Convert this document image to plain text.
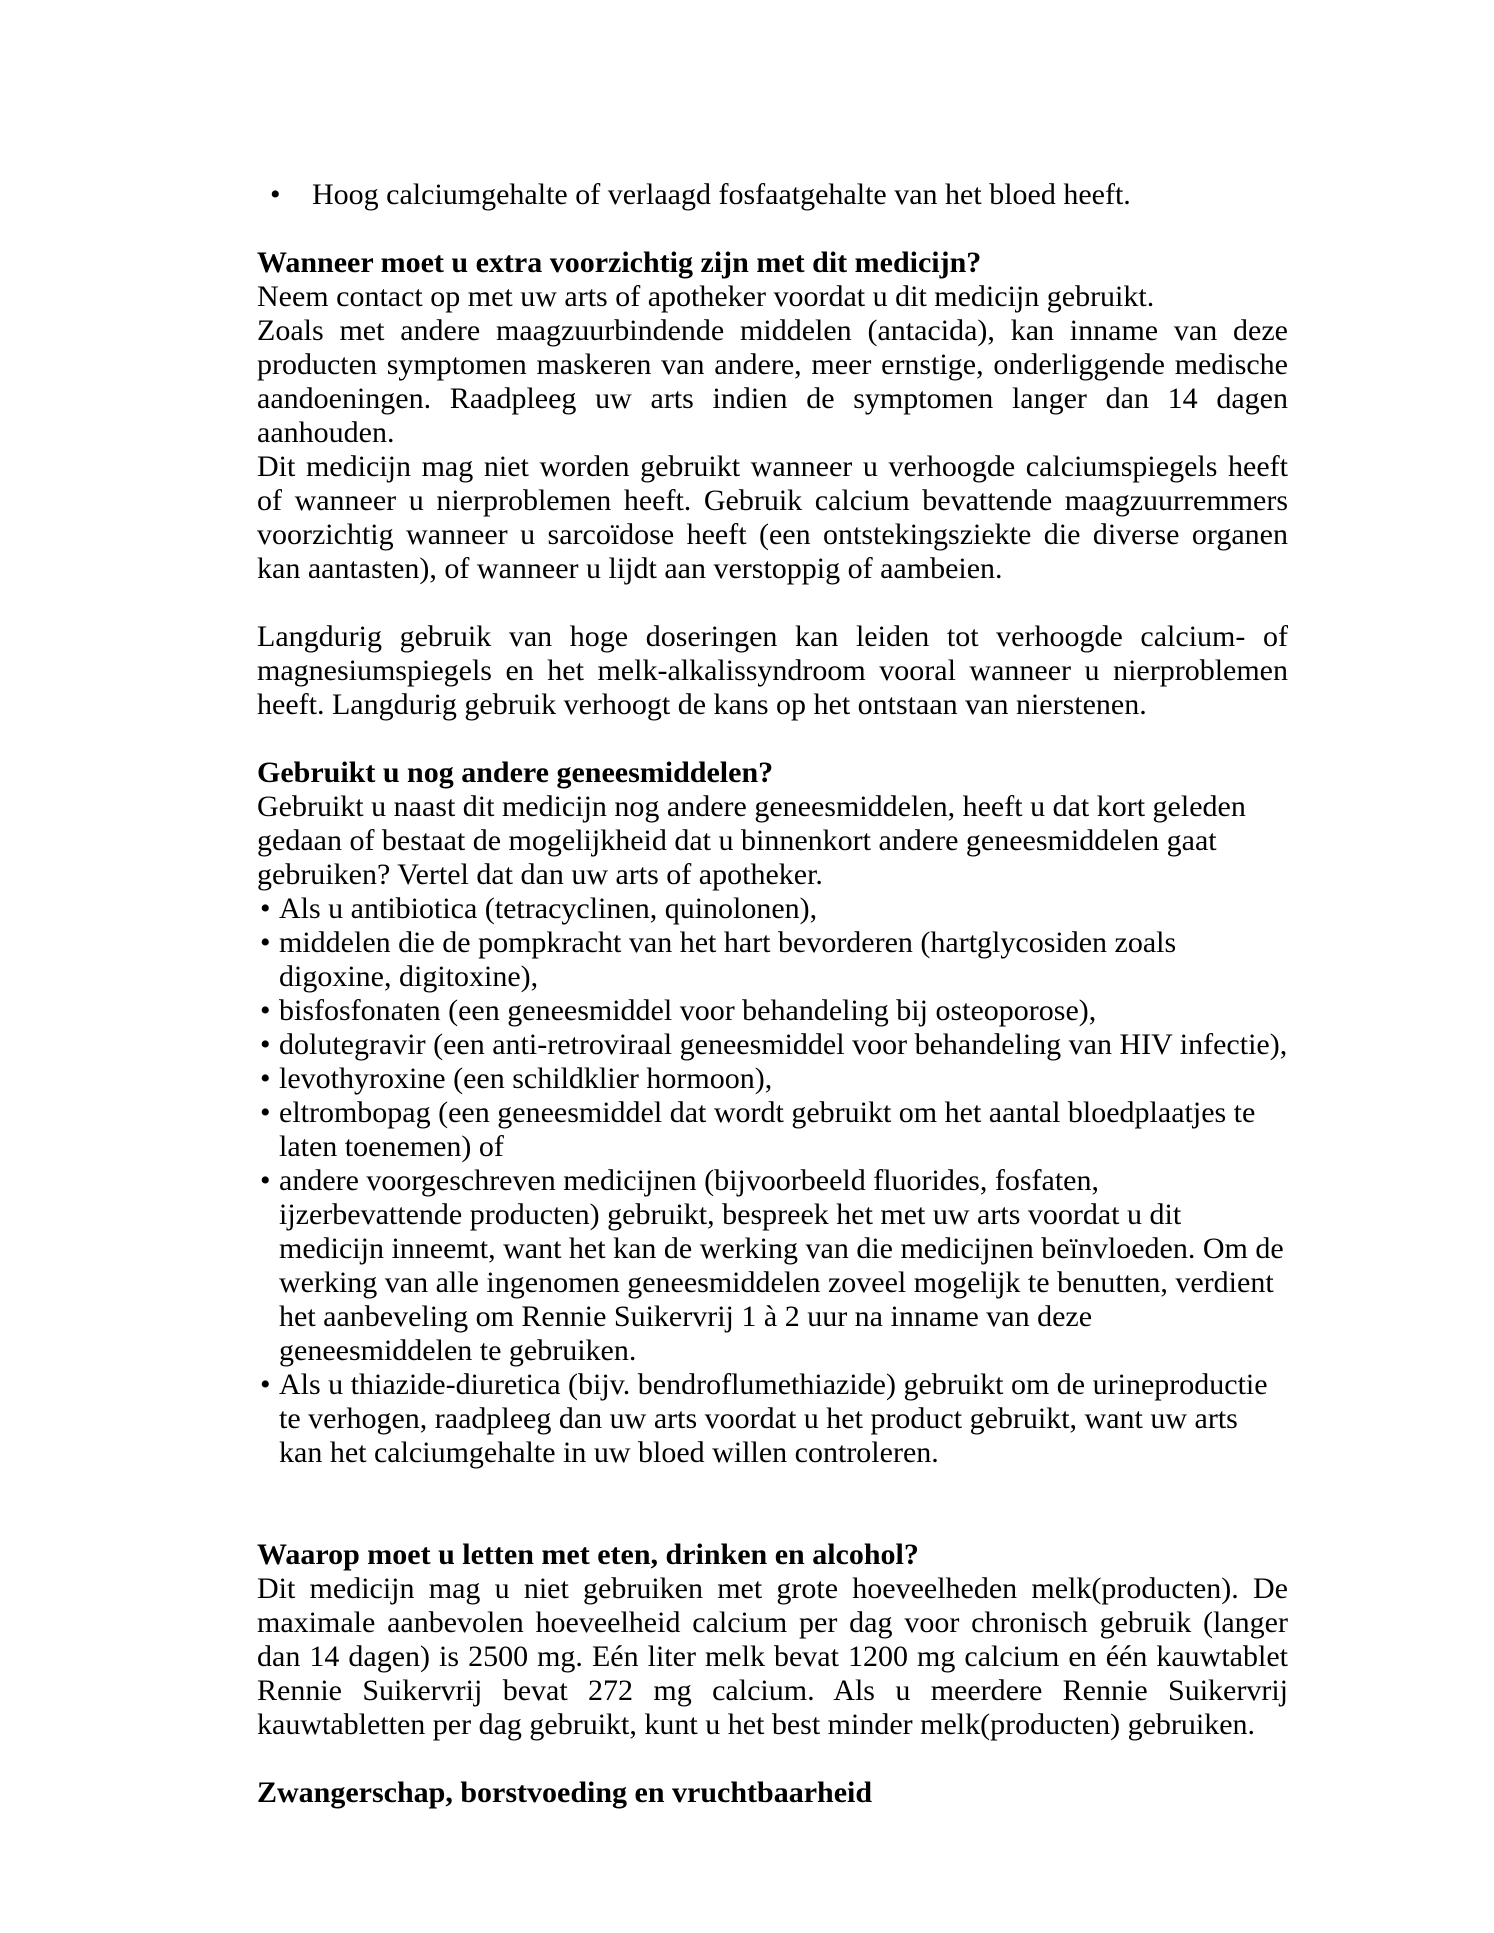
•	Hoog calciumgehalte of verlaagd fosfaatgehalte van het bloed heeft.
Wanneer moet u extra voorzichtig zijn met dit medicijn?

Neem contact op met uw arts of apotheker voordat u dit medicijn gebruikt.

Zoals met andere maagzuurbindende middelen (antacida), kan inname van deze producten symptomen maskeren van andere, meer ernstige, onderliggende medische aandoeningen. Raadpleeg uw arts indien de symptomen langer dan 14 dagen aanhouden.

Dit medicijn mag niet worden gebruikt wanneer u verhoogde calciumspiegels heeft of wanneer u nierproblemen heeft. Gebruik calcium bevattende maagzuurremmers voorzichtig wanneer u sarcoïdose heeft (een ontstekingsziekte die diverse organen kan aantasten), of wanneer u lijdt aan verstoppig of aambeien.

Langdurig gebruik van hoge doseringen kan leiden tot verhoogde calcium- of magnesiumspiegels en het melk-alkalissyndroom vooral wanneer u nierproblemen heeft. Langdurig gebruik verhoogt de kans op het ontstaan van nierstenen.

Gebruikt u nog andere geneesmiddelen?

Gebruikt u naast dit medicijn nog andere geneesmiddelen, heeft u dat kort geleden gedaan of bestaat de mogelijkheid dat u binnenkort andere geneesmiddelen gaat gebruiken? Vertel dat dan uw arts of apotheker.

• Als u antibiotica (tetracyclinen, quinolonen),
• middelen die de pompkracht van het hart bevorderen (hartglycosiden zoals digoxine, digitoxine),
• bisfosfonaten (een geneesmiddel voor behandeling bij osteoporose),
• dolutegravir (een anti-retroviraal geneesmiddel voor behandeling van HIV infectie),
• levothyroxine (een schildklier hormoon),
• eltrombopag (een geneesmiddel dat wordt gebruikt om het aantal bloedplaatjes te laten toenemen) of
• andere voorgeschreven medicijnen (bijvoorbeeld fluorides, fosfaten, ijzerbevattende producten) gebruikt, bespreek het met uw arts voordat u dit medicijn inneemt, want het kan de werking van die medicijnen beïnvloeden. Om de werking van alle ingenomen geneesmiddelen zoveel mogelijk te benutten, verdient het aanbeveling om Rennie Suikervrij 1 à 2 uur na inname van deze geneesmiddelen te gebruiken.
• Als u thiazide-diuretica (bijv. bendroflumethiazide) gebruikt om de urineproductie te verhogen, raadpleeg dan uw arts voordat u het product gebruikt, want uw arts kan het calciumgehalte in uw bloed willen controleren.
Waarop moet u letten met eten, drinken en alcohol?

Dit medicijn mag u niet gebruiken met grote hoeveelheden melk(producten). De maximale aanbevolen hoeveelheid calcium per dag voor chronisch gebruik (langer dan 14 dagen) is 2500 mg. Eén liter melk bevat 1200 mg calcium en één kauwtablet Rennie Suikervrij bevat 272 mg calcium. Als u meerdere Rennie Suikervrij kauwtabletten per dag gebruikt, kunt u het best minder melk(producten) gebruiken.

Zwangerschap, borstvoeding en vruchtbaarheid
